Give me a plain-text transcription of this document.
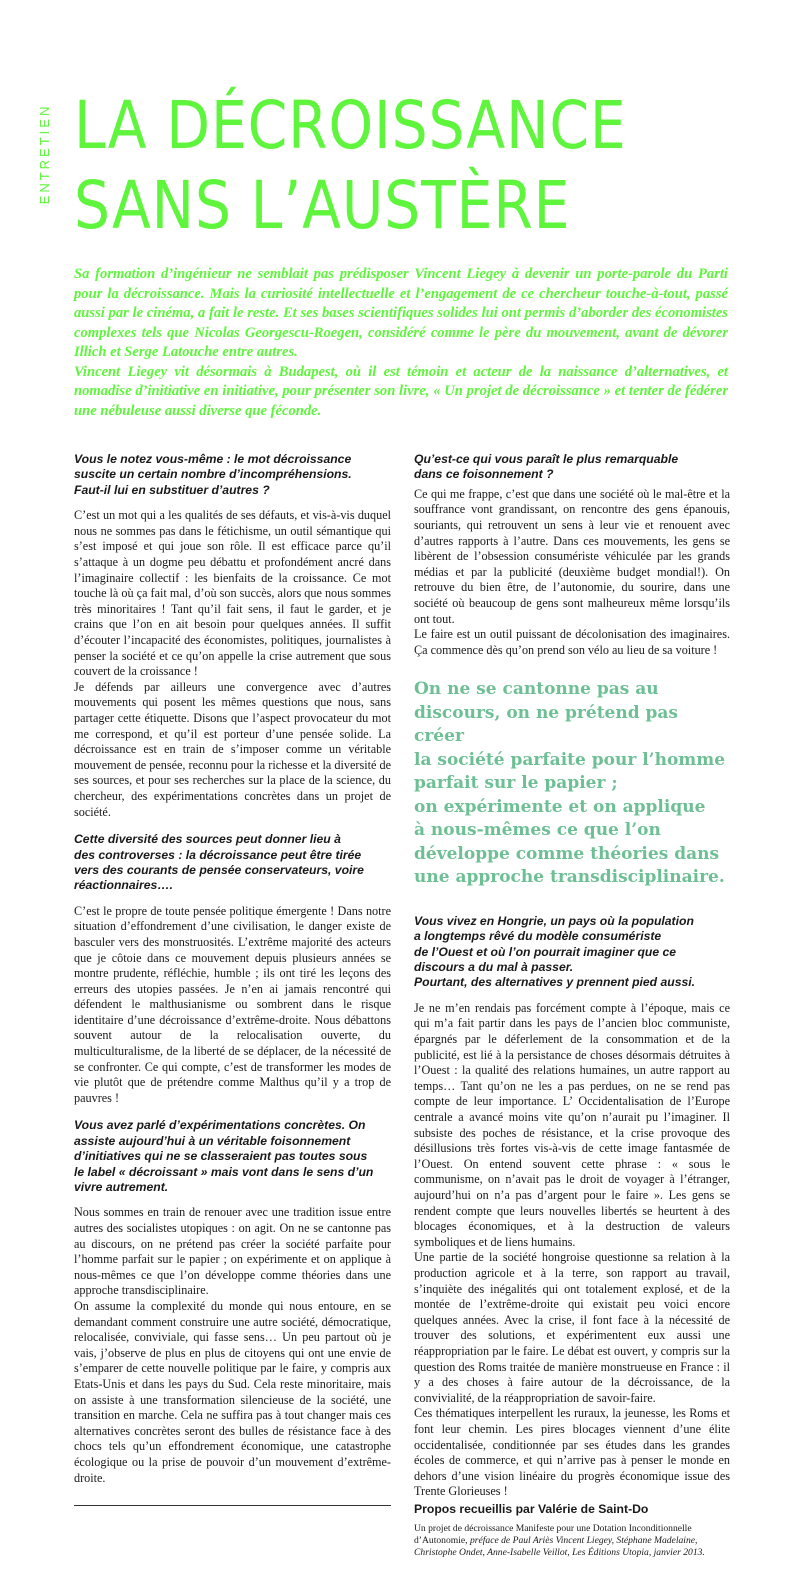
ENTRETIEN LA DÉCROISSANCE
SANS L’AUSTÈRE

Sa formation d’ingénieur ne semblait pas prédisposer Vincent Liegey à devenir un porte-parole du Parti pour la décroissance. Mais la curiosité intellectuelle et l’engagement de ce chercheur touche-à-tout, passé aussi par le cinéma, a fait le reste. Et ses bases scientifiques solides lui ont permis d’aborder des économistes complexes tels que Nicolas Georgescu-Roegen, considéré comme le père du mouvement, avant de dévorer Illich et Serge Latouche entre autres.

Vincent Liegey vit désormais à Budapest, où il est témoin et acteur de la naissance d’alternatives, et nomadise d’initiative en initiative, pour présenter son livre, « Un projet de décroissance » et tenter de fédérer une nébuleuse aussi diverse que féconde.

Vous le notez vous-même : le mot décroissance
suscite un certain nombre d’incompréhensions.
Faut-il lui en substituer d’autres ?

C’est un mot qui a les qualités de ses défauts, et vis-à-vis duquel nous ne sommes pas dans le fétichisme, un outil sémantique qui s’est imposé et qui joue son rôle. Il est efficace parce qu’il s’attaque à un dogme peu débattu et profondément ancré dans l’imaginaire collectif : les bienfaits de la croissance. Ce mot touche là où ça fait mal, d’où son succès, alors que nous sommes très minoritaires ! Tant qu’il fait sens, il faut le garder, et je crains que l’on en ait besoin pour quelques années. Il suffit d’écouter l’incapacité des économistes, politiques, journalistes à penser la société et ce qu’on appelle la crise autrement que sous couvert de la croissance !

Je défends par ailleurs une convergence avec d’autres mouvements qui posent les mêmes questions que nous, sans partager cette étiquette. Disons que l’aspect provocateur du mot me correspond, et qu’il est porteur d’une pensée solide. La décroissance est en train de s’imposer comme un véritable mouvement de pensée, reconnu pour la richesse et la diversité de ses sources, et pour ses recherches sur la place de la science, du chercheur, des expérimentations concrètes dans un projet de société.

Cette diversité des sources peut donner lieu à
des controverses : la décroissance peut être tirée
vers des courants de pensée conservateurs, voire
réactionnaires….

C’est le propre de toute pensée politique émergente ! Dans notre situation d’effondrement d’une civilisation, le danger existe de basculer vers des monstruosités. L’extrême majorité des acteurs que je côtoie dans ce mouvement depuis plusieurs années se montre prudente, réfléchie, humble ; ils ont tiré les leçons des erreurs des utopies passées. Je n’en ai jamais rencontré qui défendent le malthusianisme ou sombrent dans le risque identitaire d’une décroissance d’extrême-droite. Nous débattons souvent autour de la relocalisation ouverte, du multiculturalisme, de la liberté de se déplacer, de la nécessité de se confronter. Ce qui compte, c’est de transformer les modes de vie plutôt que de prétendre comme Malthus qu’il y a trop de pauvres !

Vous avez parlé d’expérimentations concrètes. On
assiste aujourd’hui à un véritable foisonnement
d’initiatives qui ne se classeraient pas toutes sous
le label « décroissant » mais vont dans le sens d’un
vivre autrement.

Nous sommes en train de renouer avec une tradition issue entre autres des socialistes utopiques : on agit. On ne se cantonne pas au discours, on ne prétend pas créer la société parfaite pour l’homme parfait sur le papier ; on expérimente et on applique à nous-mêmes ce que l’on développe comme théories dans une approche transdisciplinaire.

On assume la complexité du monde qui nous entoure, en se demandant comment construire une autre société, démocratique, relocalisée, conviviale, qui fasse sens… Un peu partout où je vais, j’observe de plus en plus de citoyens qui ont une envie de s’emparer de cette nouvelle politique par le faire, y compris aux Etats-Unis et dans les pays du Sud. Cela reste minoritaire, mais on assiste à une transformation silencieuse de la société, une transition en marche. Cela ne suffira pas à tout changer mais ces alternatives concrètes seront des bulles de résistance face à des chocs tels qu’un effondrement économique, une catastrophe écologique ou la prise de pouvoir d’un mouvement d’extrême-droite.

Qu’est-ce qui vous paraît le plus remarquable
dans ce foisonnement ?

Ce qui me frappe, c’est que dans une société où le mal-être et la souffrance vont grandissant, on rencontre des gens épanouis, souriants, qui retrouvent un sens à leur vie et renouent avec d’autres rapports à l’autre. Dans ces mouvements, les gens se libèrent de l’obsession consumériste véhiculée par les grands médias et par la publicité (deuxième budget mondial!). On retrouve du bien être, de l’autonomie, du sourire, dans une société où beaucoup de gens sont malheureux même lorsqu’ils ont tout.

Le faire est un outil puissant de décolonisation des imaginaires. Ça commence dès qu’on prend son vélo au lieu de sa voiture !

On ne se cantonne pas au
discours, on ne prétend pas créer
la société parfaite pour l’homme
parfait sur le papier ;
on expérimente et on applique
à nous-mêmes ce que l’on
développe comme théories dans
une approche transdisciplinaire.
Vous vivez en Hongrie, un pays où la population
a longtemps rêvé du modèle consumériste
de l’Ouest et où l’on pourrait imaginer que ce
discours a du mal à passer.
Pourtant, des alternatives y prennent pied aussi.

Je ne m’en rendais pas forcément compte à l’époque, mais ce qui m’a fait partir dans les pays de l’ancien bloc communiste, épargnés par le déferlement de la consommation et de la publicité, est lié à la persistance de choses désormais détruites à l’Ouest : la qualité des relations humaines, un autre rapport au temps… Tant qu’on ne les a pas perdues, on ne se rend pas compte de leur importance. L’ Occidentalisation de l’Europe centrale a avancé moins vite qu’on n’aurait pu l’imaginer. Il subsiste des poches de résistance, et la crise provoque des désillusions très fortes vis-à-vis de cette image fantasmée de l’Ouest. On entend souvent cette phrase : « sous le communisme, on n’avait pas le droit de voyager à l’étranger, aujourd’hui on n’a pas d’argent pour le faire ». Les gens se rendent compte que leurs nouvelles libertés se heurtent à des blocages économiques, et à la destruction de valeurs symboliques et de liens humains.

Une partie de la société hongroise questionne sa relation à la production agricole et à la terre, son rapport au travail, s’inquiète des inégalités qui ont totalement explosé, et de la montée de l’extrême-droite qui existait peu voici encore quelques années. Avec la crise, il font face à la nécessité de trouver des solutions, et expérimentent eux aussi une réappropriation par le faire. Le débat est ouvert, y compris sur la question des Roms traitée de manière monstrueuse en France : il y a des choses à faire autour de la décroissance, de la convivialité, de la réappropriation de savoir-faire.

Ces thématiques interpellent les ruraux, la jeunesse, les Roms et font leur chemin. Les pires blocages viennent d’une élite occidentalisée, conditionnée par ses études dans les grandes écoles de commerce, et qui n’arrive pas à penser le monde en dehors d’une vision linéaire du progrès économique issue des Trente Glorieuses !

Propos recueillis par Valérie de Saint-Do

Un projet de décroissance Manifeste pour une Dotation Inconditionnelle d’Autonomie, préface de Paul Ariès Vincent Liegey, Stéphane Madelaine, Christophe Ondet, Anne-Isabelle Veillot, Les Éditions Utopia, janvier 2013.
